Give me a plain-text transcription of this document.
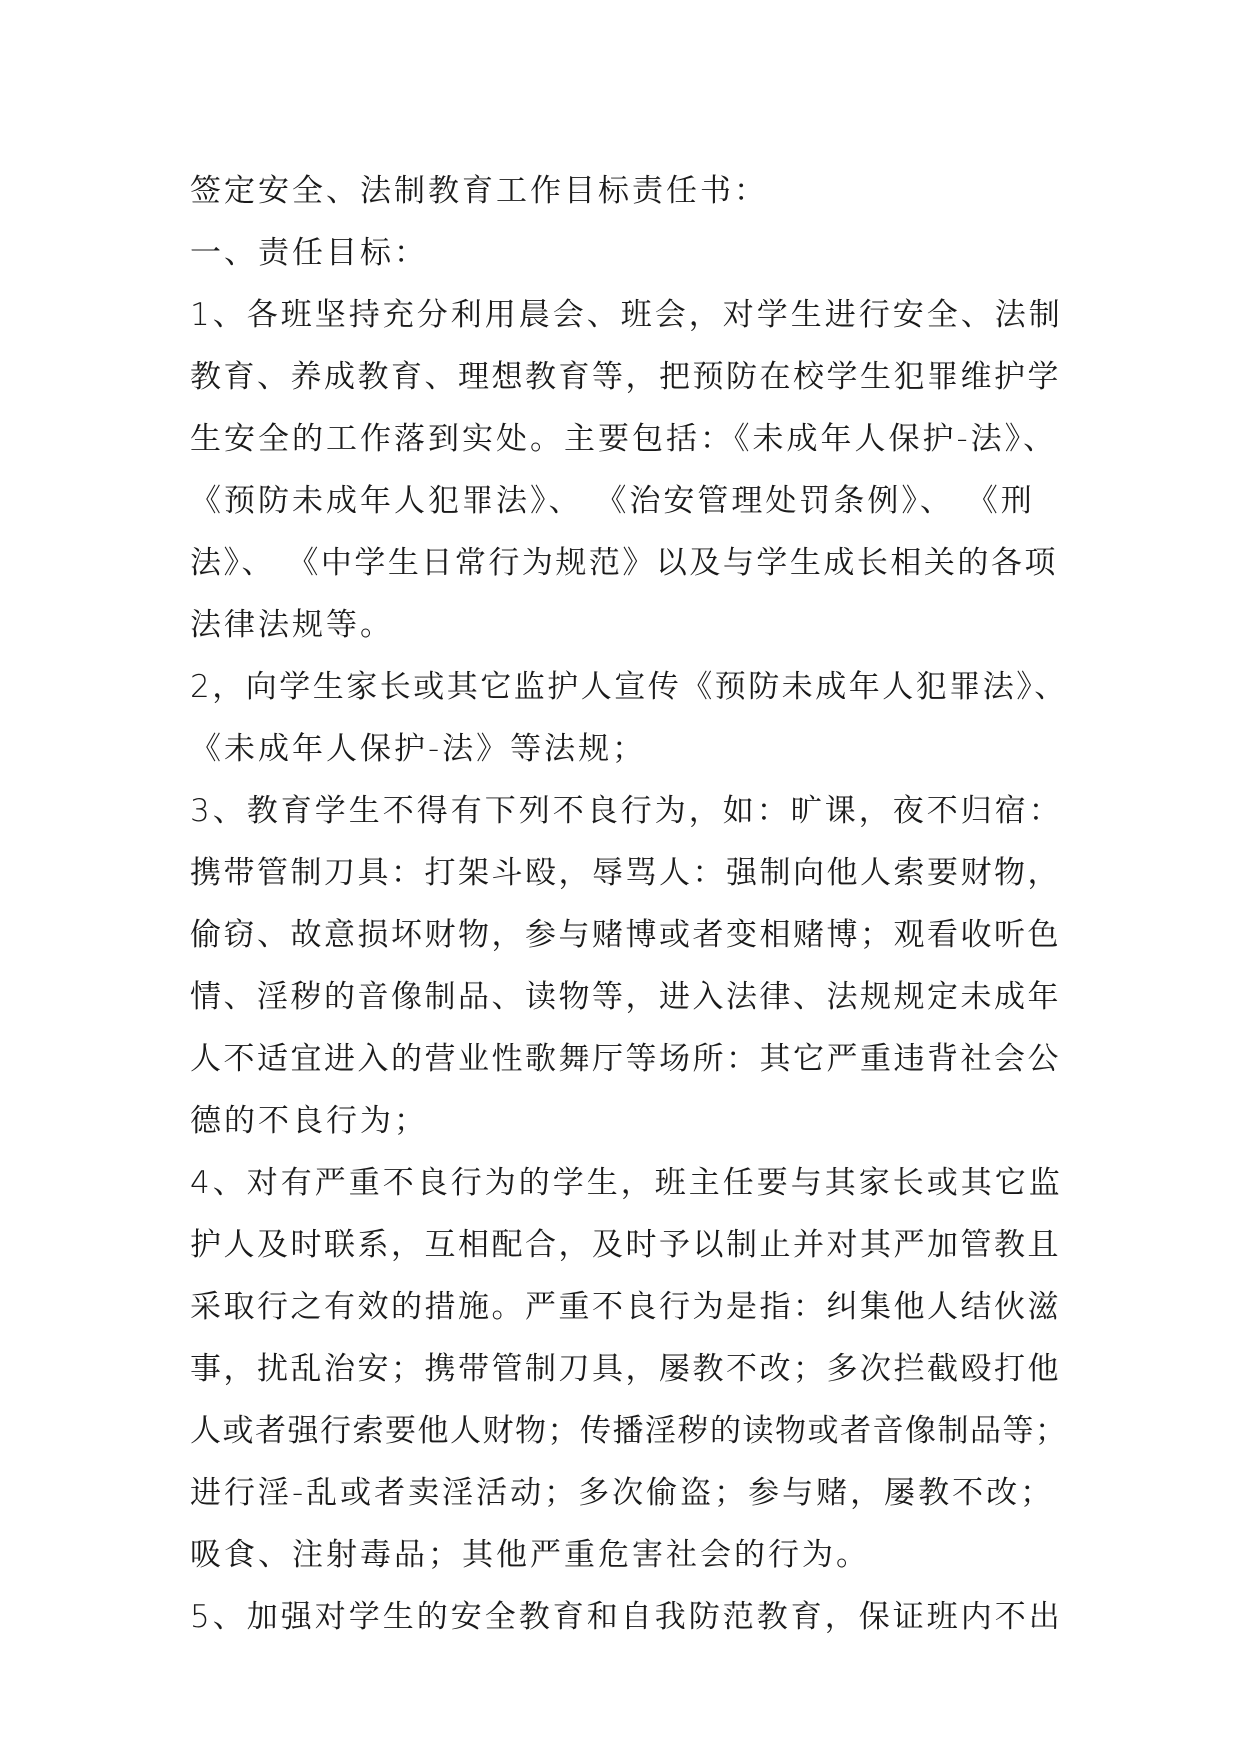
签定安全、法制教育工作目标责任书：
一、责任目标：
1、各班坚持充分利用晨会、班会，对学生进行安全、法制
教育、养成教育、理想教育等，把预防在校学生犯罪维护学
生安全的工作落到实处。主要包括：《未成年人保护-法》、
《预防未成年人犯罪法》、 《治安管理处罚条例》、 《刑
法》、 《中学生日常行为规范》以及与学生成长相关的各项
法律法规等。
2，向学生家长或其它监护人宣传《预防未成年人犯罪法》、
《未成年人保护-法》等法规；
3、教育学生不得有下列不良行为，如：旷课，夜不归宿：
携带管制刀具：打架斗殴，辱骂人：强制向他人索要财物，
偷窃、故意损坏财物，参与赌博或者变相赌博；观看收听色
情、淫秽的音像制品、读物等，进入法律、法规规定未成年
人不适宜进入的营业性歌舞厅等场所：其它严重违背社会公
德的不良行为；
4、对有严重不良行为的学生，班主任要与其家长或其它监
护人及时联系，互相配合，及时予以制止并对其严加管教且
采取行之有效的措施。严重不良行为是指：纠集他人结伙滋
事，扰乱治安；携带管制刀具，屡教不改；多次拦截殴打他
人或者强行索要他人财物；传播淫秽的读物或者音像制品等；
进行淫-乱或者卖淫活动；多次偷盗；参与赌，屡教不改；
吸食、注射毒品；其他严重危害社会的行为。
5、加强对学生的安全教育和自我防范教育，保证班内不出
